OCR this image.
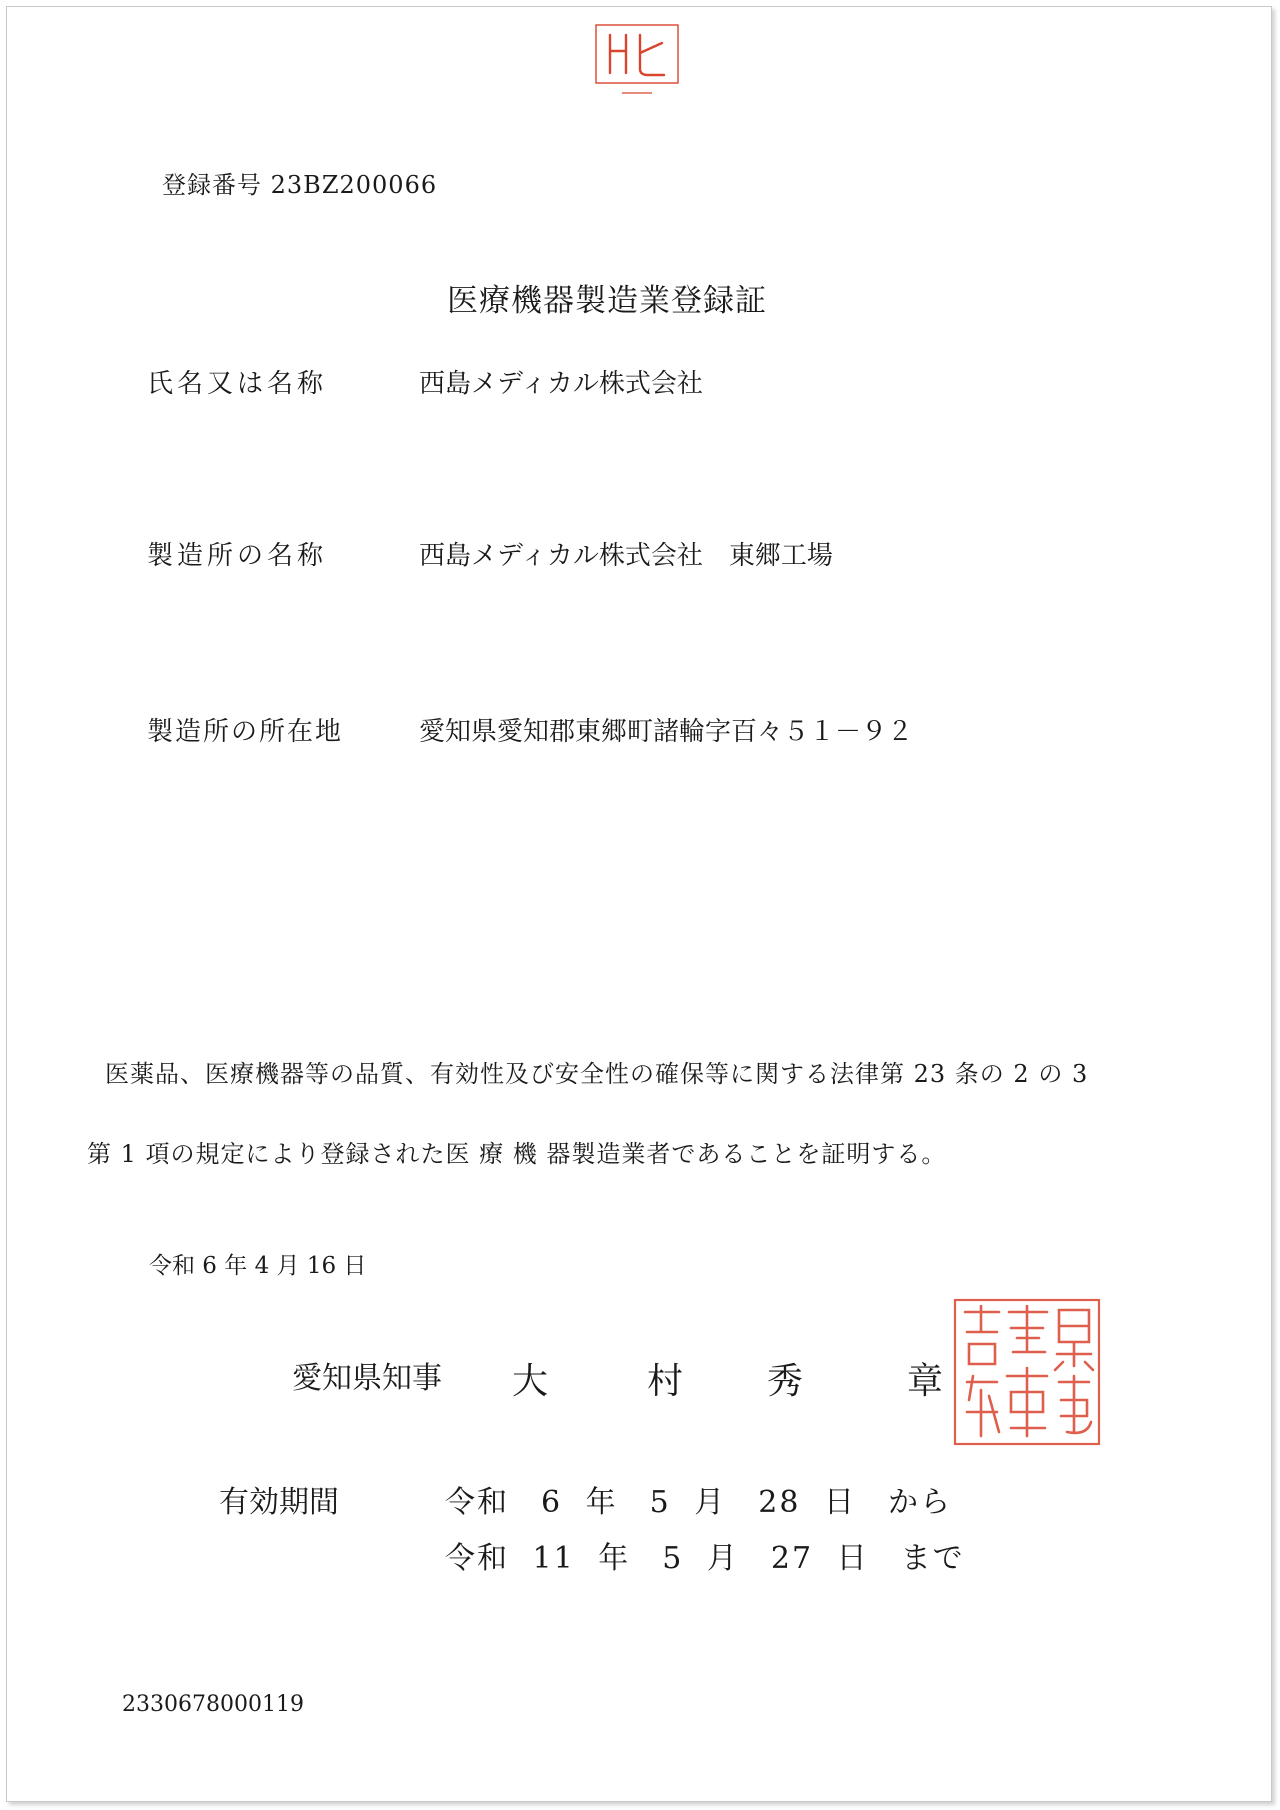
登録番号 23BZ200066
医療機器製造業登録証
氏名又は名称	西島メディカル株式会社
製造所の名称	西島メディカル株式会社　東郷工場
製造所の所在地	愛知県愛知郡東郷町諸輪字百々５１－９２
医薬品、医療機器等の品質、有効性及び安全性の確保等に関する法律第 23 条の 2 の 3
第 1 項の規定により登録された医 療 機 器製造業者であることを証明する。
令和 6 年 4 月 16 日
愛知県知事 大	村 秀	章
有効期間	令和　6 年　5 月　28 日　から
令和 11 年　5 月　27 日　まで
2330678000119
